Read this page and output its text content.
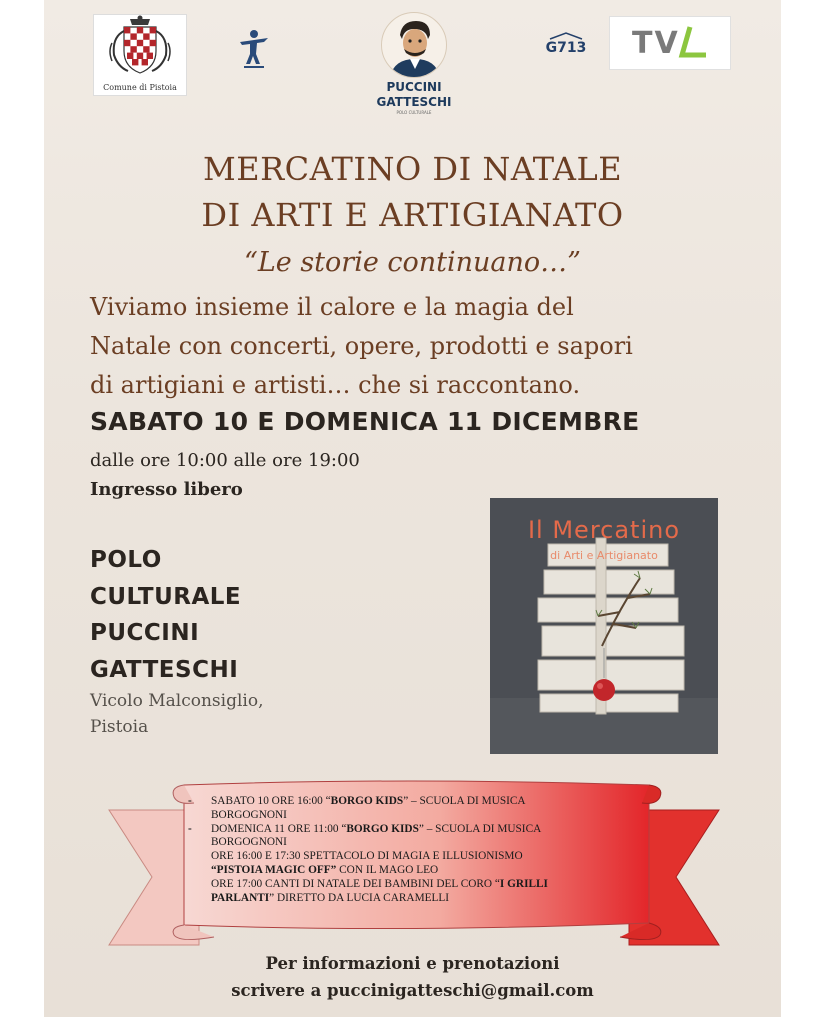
Comune di Pistoia	PUCCINI
GATTESCHI
POLO CULTURALE
G713 TV
MERCATINO DI NATALE
DI ARTI E ARTIGIANATO
“Le storie continuano…”
Viviamo insieme il calore e la magia del
Natale con concerti, opere, prodotti e sapori
di artigiani e artisti… che si raccontano.
SABATO 10 E DOMENICA 11 DICEMBRE
dalle ore 10:00 alle ore 19:00
Ingresso libero
POLO
CULTURALE
PUCCINI
GATTESCHI
Vicolo Malconsiglio,
Pistoia
Il Mercatino
di Arti e Artigianato
- SABATO 10 ORE 16:00 “BORGO KIDS” – SCUOLA DI MUSICA
BORGOGNONI
- DOMENICA 11 ORE 11:00 “BORGO KIDS” – SCUOLA DI MUSICA
BORGOGNONI
ORE 16:00 E 17:30 SPETTACOLO DI MAGIA E ILLUSIONISMO
“PISTOIA MAGIC OFF” CON IL MAGO LEO
ORE 17:00 CANTI DI NATALE DEI BAMBINI DEL CORO “I GRILLI
PARLANTI” DIRETTO DA LUCIA CARAMELLI
Per informazioni e prenotazioni
scrivere a puccinigatteschi@gmail.com
